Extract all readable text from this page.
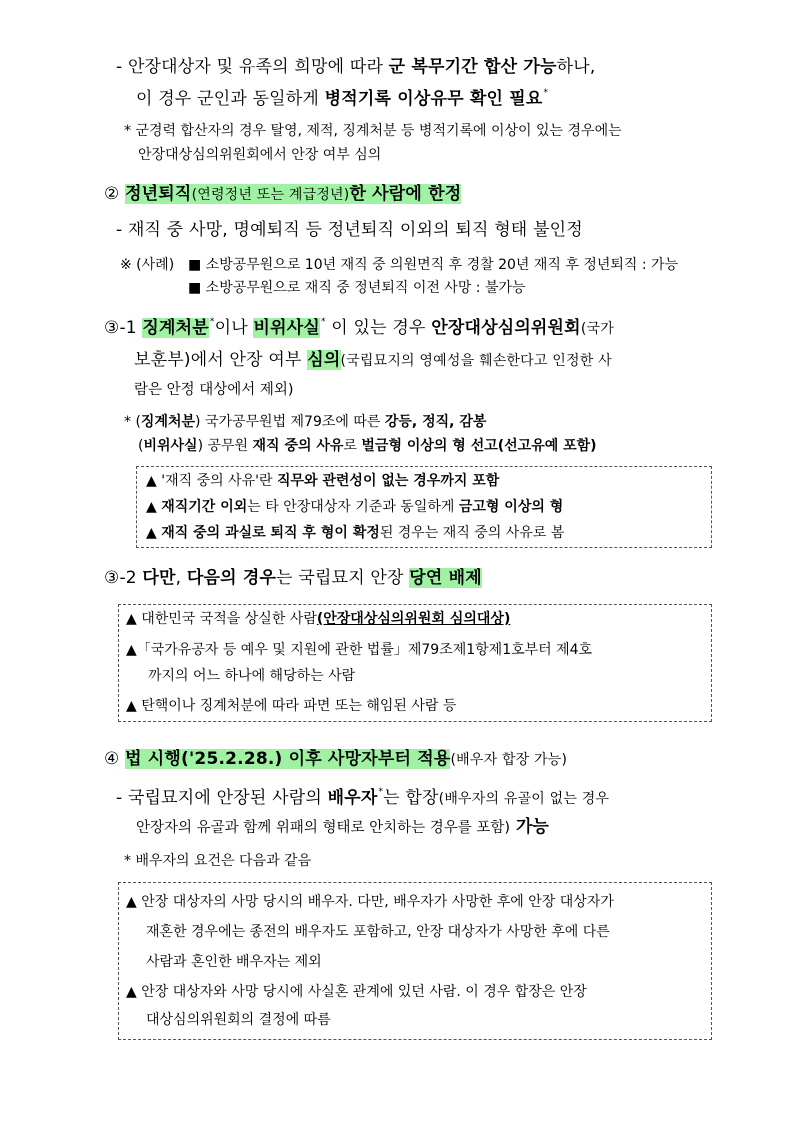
- 안장대상자 및 유족의 희망에 따라 군 복무기간 합산 가능하나,
이 경우 군인과 동일하게 병적기록 이상유무 확인 필요*
* 군경력 합산자의 경우 탈영, 제적, 징계처분 등 병적기록에 이상이 있는 경우에는
안장대상심의위원회에서 안장 여부 심의
② 정년퇴직(연령정년 또는 계급정년)한 사람에 한정
- 재직 중 사망, 명예퇴직 등 정년퇴직 이외의 퇴직 형태 불인정
※ (사례) ■ 소방공무원으로 10년 재직 중 의원면직 후 경찰 20년 재직 후 정년퇴직 : 가능
■ 소방공무원으로 재직 중 정년퇴직 이전 사망 : 불가능
③-1 징계처분*이나 비위사실* 이 있는 경우 안장대상심의위원회(국가
보훈부)에서 안장 여부 심의(국립묘지의 영예성을 훼손한다고 인정한 사
람은 안정 대상에서 제외)
* (징계처분) 국가공무원법 제79조에 따른 강등, 정직, 감봉
(비위사실) 공무원 재직 중의 사유로 벌금형 이상의 형 선고(선고유예 포함)
▲ '재직 중의 사유'란 직무와 관련성이 없는 경우까지 포함
▲ 재직기간 이외는 타 안장대상자 기준과 동일하게 금고형 이상의 형
▲ 재직 중의 과실로 퇴직 후 형이 확정된 경우는 재직 중의 사유로 봄
③-2 다만, 다음의 경우는 국립묘지 안장 당연 배제
▲ 대한민국 국적을 상실한 사람(안장대상심의위원회 심의대상)
▲「국가유공자 등 예우 및 지원에 관한 법률」제79조제1항제1호부터 제4호
까지의 어느 하나에 해당하는 사람
▲ 탄핵이나 징계처분에 따라 파면 또는 해임된 사람 등
④ 법 시행('25.2.28.) 이후 사망자부터 적용(배우자 합장 가능)
- 국립묘지에 안장된 사람의 배우자*는 합장(배우자의 유골이 없는 경우
안장자의 유골과 함께 위패의 형태로 안치하는 경우를 포함) 가능
* 배우자의 요건은 다음과 같음
▲ 안장 대상자의 사망 당시의 배우자. 다만, 배우자가 사망한 후에 안장 대상자가
재혼한 경우에는 종전의 배우자도 포함하고, 안장 대상자가 사망한 후에 다른
사람과 혼인한 배우자는 제외
▲ 안장 대상자와 사망 당시에 사실혼 관계에 있던 사람. 이 경우 합장은 안장
대상심의위원회의 결정에 따름
